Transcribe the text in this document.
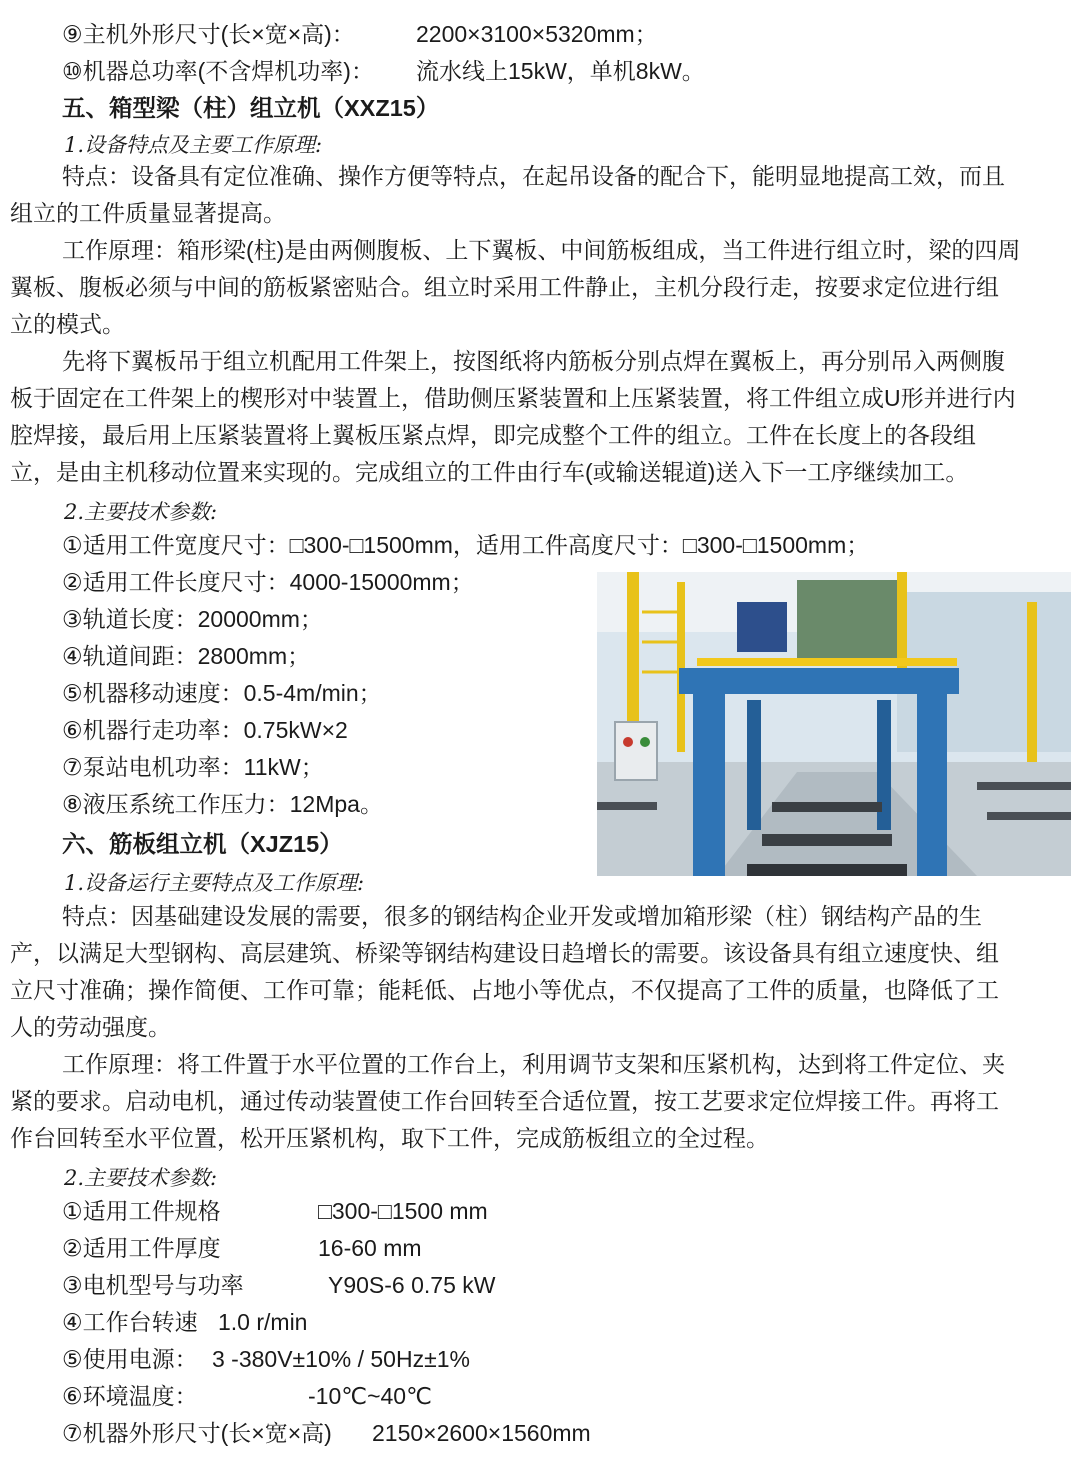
⑨主机外形尺寸(长×宽×高)：	2200×3100×5320mm；
⑩机器总功率(不含焊机功率)： 流水线上15kW，单机8kW。
五、箱型梁（柱）组立机（XXZ15）
1.设备特点及主要工作原理:
特点：设备具有定位准确、操作方便等特点，在起吊设备的配合下，能明显地提高工效，而且
组立的工件质量显著提高。
工作原理：箱形梁(柱)是由两侧腹板、上下翼板、中间筋板组成，当工件进行组立时，梁的四周
翼板、腹板必须与中间的筋板紧密贴合。组立时采用工件静止，主机分段行走，按要求定位进行组
立的模式。
先将下翼板吊于组立机配用工件架上，按图纸将内筋板分别点焊在翼板上，再分别吊入两侧腹
板于固定在工件架上的楔形对中装置上，借助侧压紧装置和上压紧装置，将工件组立成U形并进行内
腔焊接，最后用上压紧装置将上翼板压紧点焊，即完成整个工件的组立。工件在长度上的各段组
立，是由主机移动位置来实现的。完成组立的工件由行车(或输送辊道)送入下一工序继续加工。
2.主要技术参数:
①适用工件宽度尺寸：□300-□1500mm，适用工件高度尺寸：□300-□1500mm；
②适用工件长度尺寸：4000-15000mm；
③轨道长度：20000mm；
④轨道间距：2800mm；
⑤机器移动速度：0.5-4m/min；
⑥机器行走功率：0.75kW×2
⑦泵站电机功率：11kW；
⑧液压系统工作压力：12Mpa。
六、筋板组立机（XJZ15）
1.设备运行主要特点及工作原理:
特点：因基础建设发展的需要，很多的钢结构企业开发或增加箱形梁（柱）钢结构产品的生
产，以满足大型钢构、高层建筑、桥梁等钢结构建设日趋增长的需要。该设备具有组立速度快、组
立尺寸准确；操作简便、工作可靠；能耗低、占地小等优点，不仅提高了工件的质量，也降低了工
人的劳动强度。
工作原理：将工件置于水平位置的工作台上，利用调节支架和压紧机构，达到将工件定位、夹
紧的要求。启动电机，通过传动装置使工作台回转至合适位置，按工艺要求定位焊接工件。再将工
作台回转至水平位置，松开压紧机构，取下工件，完成筋板组立的全过程。
2.主要技术参数:
①适用工件规格	□300-□1500 mm
②适用工件厚度	16-60 mm
③电机型号与功率	Y90S-6 0.75 kW
④工作台转速 1.0 r/min
⑤使用电源： 3 -380V±10% / 50Hz±1%
⑥环境温度：	-10℃~40℃
⑦机器外形尺寸(长×宽×高) 2150×2600×1560mm
